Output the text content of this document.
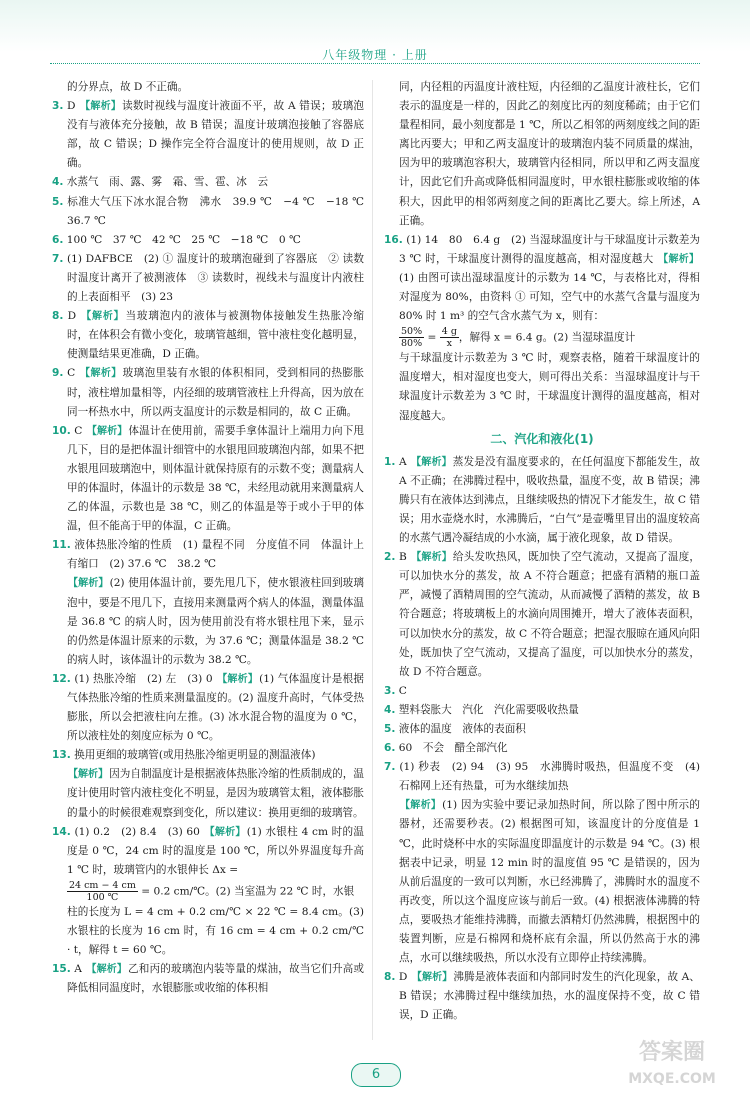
八年级物理 · 上册

的分界点，故 D 不正确。

3. D 【解析】读数时视线与温度计液面不平，故 A 错误；玻璃泡没有与液体充分接触，故 B 错误；温度计玻璃泡接触了容器底部，故 C 错误；D 操作完全符合温度计的使用规则，故 D 正确。

4. 水蒸气　雨、露、雾　霜、雪、雹、冰　云

5. 标准大气压下冰水混合物　沸水　39.9 ℃　−4 ℃　−18 ℃　36.7 ℃

6. 100 ℃　37 ℃　42 ℃　25 ℃　−18 ℃　0 ℃

7. (1) DAFBCE　(2) ① 温度计的玻璃泡碰到了容器底　② 读数时温度计离开了被测液体　③ 读数时，视线未与温度计内液柱的上表面相平　(3) 23

8. D 【解析】当玻璃泡内的液体与被测物体接触发生热胀冷缩时，在体积会有微小变化，玻璃管越细，管中液柱变化越明显，使测量结果更准确，D 正确。

9. C 【解析】玻璃泡里装有水银的体积相同，受到相同的热膨胀时，液柱增加量相等，内径细的玻璃管液柱上升得高，因为放在同一杯热水中，所以两支温度计的示数是相同的，故 C 正确。

10. C 【解析】体温计在使用前，需要手拿体温计上端用力向下甩几下，目的是把体温计细管中的水银甩回玻璃泡内部，如果不把水银甩回玻璃泡中，则体温计就保持原有的示数不变；测量病人甲的体温时，体温计的示数是 38 ℃，未经甩动就用来测量病人乙的体温，示数也是 38 ℃，则乙的体温是等于或小于甲的体温，但不能高于甲的体温，C 正确。

11. 液体热胀冷缩的性质　(1) 量程不同　分度值不同　体温计上有缩口　(2) 37.6 ℃　38.2 ℃

【解析】(2) 使用体温计前，要先甩几下，使水银液柱回到玻璃泡中，要是不甩几下，直接用来测量两个病人的体温，测量体温是 36.8 ℃ 的病人时，因为使用前没有将水银柱甩下来，显示的仍然是体温计原来的示数，为 37.6 ℃；测量体温是 38.2 ℃ 的病人时，该体温计的示数为 38.2 ℃。

12. (1) 热胀冷缩　(2) 左　(3) 0 【解析】(1) 气体温度计是根据气体热胀冷缩的性质来测量温度的。(2) 温度升高时，气体受热膨胀，所以会把液柱向左推。(3) 冰水混合物的温度为 0 ℃，所以液柱处的刻度应标为 0 ℃。

13. 换用更细的玻璃管(或用热胀冷缩更明显的测温液体)

【解析】因为自制温度计是根据液体热胀冷缩的性质制成的，温度计使用时管内液柱变化不明显，是因为玻璃管太粗，液体膨胀的量小的时候很难观察到变化，所以建议：换用更细的玻璃管。

14. (1) 0.2　(2) 8.4　(3) 60 【解析】(1) 水银柱 4 cm 时的温度是 0 ℃，24 cm 时的温度是 100 ℃，所以外界温度每升高 1 ℃ 时，玻璃管内的水银伸长 Δx =

$\frac{24 cm - 4 cm}{100 ℃} = 0.2$ cm/℃。(2) 当室温为 22 ℃ 时，水银

柱的长度为 L = 4 cm + 0.2 cm/℃ × 22 ℃ = 8.4 cm。(3) 水银柱的长度为 16 cm 时，有 16 cm = 4 cm + 0.2 cm/℃ · t，解得 t = 60 ℃。

15. A 【解析】乙和丙的玻璃泡内装等量的煤油，故当它们升高或降低相同温度时，水银膨胀或收缩的体积相

同，内径粗的丙温度计液柱短，内径细的乙温度计液柱长，它们表示的温度是一样的，因此乙的刻度比丙的刻度稀疏；由于它们量程相同，最小刻度都是 1 ℃，所以乙相邻的两刻度线之间的距离比丙要大；甲和乙两支温度计的玻璃泡内装不同质量的煤油，因为甲的玻璃泡容积大，玻璃管内径相同，所以甲和乙两支温度计，因此它们升高或降低相同温度时，甲水银柱膨胀或收缩的体积大，因此甲的相邻两刻度之间的距离比乙要大。综上所述，A 正确。

16. (1) 14　80　6.4 g　(2) 当湿球温度计与干球温度计示数差为 3 ℃ 时，干球温度计测得的温度越高，相对湿度越大 【解析】(1) 由图可读出湿球温度计的示数为 14 ℃，与表格比对，得相对湿度为 80%，由资料 ① 可知，空气中的水蒸气含量与温度为 80% 时 1 m³ 的空气含水蒸气为 x，则有：

$\frac{50\%}{80\%} = \frac{4 g}{x}$ ，解得 x = 6.4 g。(2) 当湿球温度计

与干球温度计示数差为 3 ℃ 时，观察表格，随着干球温度计的温度增大，相对湿度也变大，则可得出关系：当湿球温度计与干球温度计示数差为 3 ℃ 时，干球温度计测得的温度越高，相对湿度越大。

二、汽化和液化(1)

1. A 【解析】蒸发是没有温度要求的，在任何温度下都能发生，故 A 不正确；在沸腾过程中，吸收热量，温度不变，故 B 错误；沸腾只有在液体达到沸点，且继续吸热的情况下才能发生，故 C 错误；用水壶烧水时，水沸腾后，“白气”是壶嘴里冒出的温度较高的水蒸气遇冷凝结成的小水滴，属于液化现象，故 D 错误。

2. B 【解析】给头发吹热风，既加快了空气流动，又提高了温度，可以加快水分的蒸发，故 A 不符合题意；把盛有酒精的瓶口盖严，减慢了酒精周围的空气流动，从而减慢了酒精的蒸发，故 B 符合题意；将玻璃板上的水滴向周围摊开，增大了液体表面积，可以加快水分的蒸发，故 C 不符合题意；把湿衣服晾在通风向阳处，既加快了空气流动，又提高了温度，可以加快水分的蒸发，故 D 不符合题意。

3. C

4. 塑料袋胀大　汽化　汽化需要吸收热量

5. 液体的温度　液体的表面积

6. 60　不会　醋全部汽化

7. (1) 秒表　(2) 94　(3) 95　水沸腾时吸热，但温度不变　(4) 石棉网上还有热量，可为水继续加热

【解析】(1) 因为实验中要记录加热时间，所以除了图中所示的器材，还需要秒表。(2) 根据图可知，该温度计的分度值是 1 ℃，此时烧杯中水的实际温度即温度计的示数是 94 ℃。(3) 根据表中记录，明显 12 min 时的温度值 95 ℃ 是错误的，因为从前后温度的一致可以判断，水已经沸腾了，沸腾时水的温度不再改变，所以这个温度应该与前后一致。(4) 根据液体沸腾的特点，要吸热才能维持沸腾，而撤去酒精灯仍然沸腾，根据图中的装置判断，应是石棉网和烧杯底有余温，所以仍然高于水的沸点，水可以继续吸热，所以水没有立即停止持续沸腾。

8. D 【解析】沸腾是液体表面和内部同时发生的汽化现象，故 A、B 错误；水沸腾过程中继续加热，水的温度保持不变，故 C 错误，D 正确。

6
答案圈
MXQE.COM
